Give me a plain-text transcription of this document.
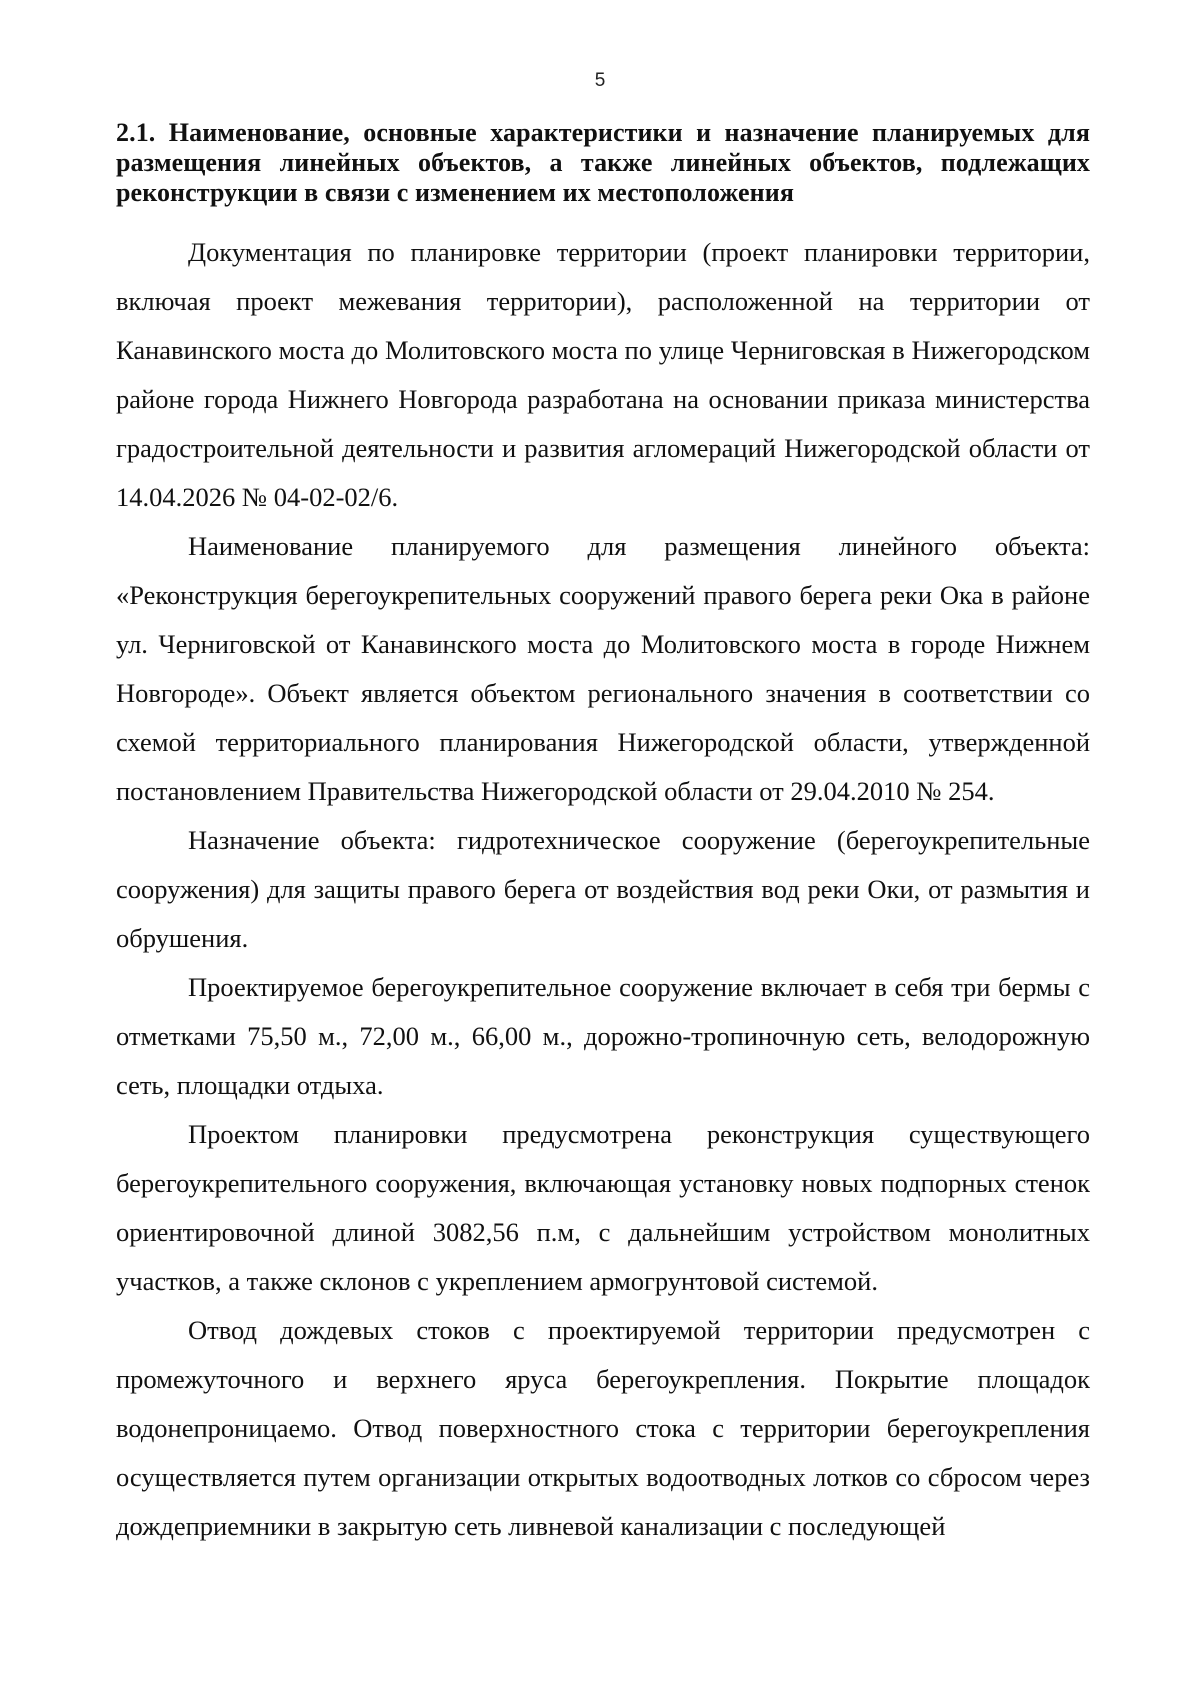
5
2.1. Наименование, основные характеристики и назначение планируемых для размещения линейных объектов, а также линейных объектов, подлежащих реконструкции в связи с изменением их местоположения

Документация по планировке территории (проект планировки территории, включая проект межевания территории), расположенной на территории от Канавинского моста до Молитовского моста по улице Черниговская в Нижегородском районе города Нижнего Новгорода разработана на основании приказа министерства градостроительной деятельности и развития агломераций Нижегородской области от 14.04.2026 № 04-02-02/6.

Наименование планируемого для размещения линейного объекта: «Реконструкция берегоукрепительных сооружений правого берега реки Ока в районе ул. Черниговской от Канавинского моста до Молитовского моста в городе Нижнем Новгороде». Объект является объектом регионального значения в соответствии со схемой территориального планирования Нижегородской области, утвержденной постановлением Правительства Нижегородской области от 29.04.2010 № 254.

Назначение объекта: гидротехническое сооружение (берегоукрепительные сооружения) для защиты правого берега от воздействия вод реки Оки, от размытия и обрушения.

Проектируемое берегоукрепительное сооружение включает в себя три бермы с отметками 75,50 м., 72,00 м., 66,00 м., дорожно-тропиночную сеть, велодорожную сеть, площадки отдыха.

Проектом планировки предусмотрена реконструкция существующего берегоукрепительного сооружения, включающая установку новых подпорных стенок ориентировочной длиной 3082,56 п.м, с дальнейшим устройством монолитных участков, а также склонов с укреплением армогрунтовой системой.

Отвод дождевых стоков с проектируемой территории предусмотрен с промежуточного и верхнего яруса берегоукрепления. Покрытие площадок водонепроницаемо. Отвод поверхностного стока с территории берегоукрепления осуществляется путем организации открытых водоотводных лотков со сбросом через дождеприемники в закрытую сеть ливневой канализации с последующей
